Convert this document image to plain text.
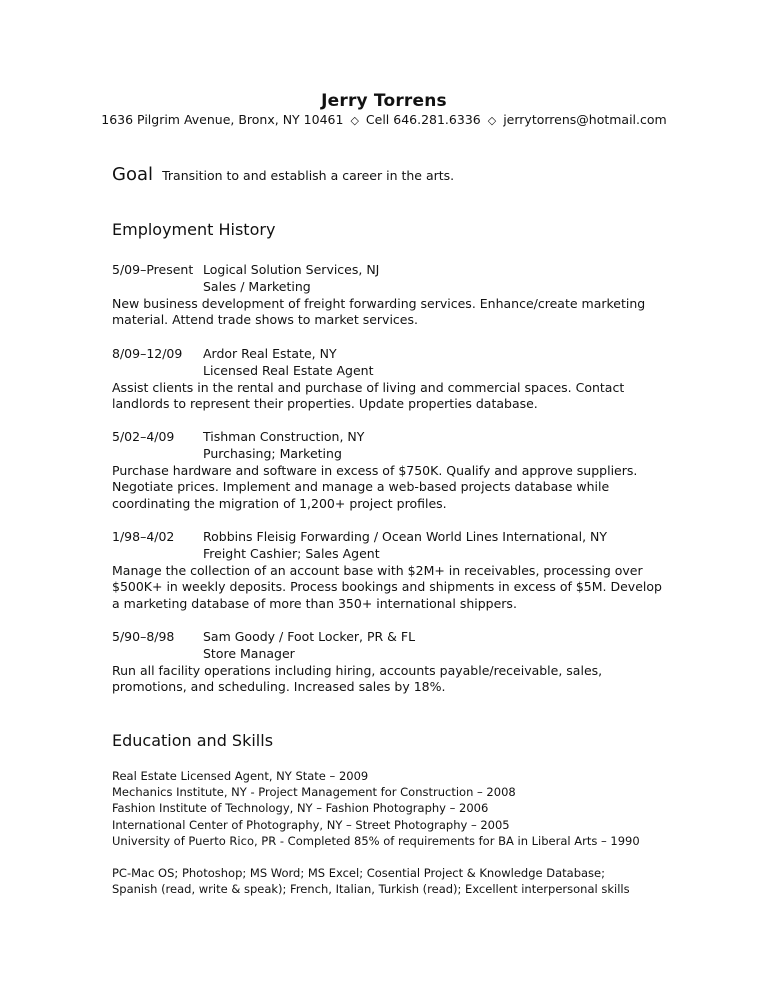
Jerry Torrens
1636 Pilgrim Avenue, Bronx, NY 10461 ◇ Cell 646.281.6336 ◇ jerrytorrens@hotmail.com
Goal Transition to and establish a career in the arts.
Employment History
5/09–Present Logical Solution Services, NJ
Sales / Marketing
New business development of freight forwarding services. Enhance/create marketing
material. Attend trade shows to market services.
8/09–12/09	Ardor Real Estate, NY
Licensed Real Estate Agent
Assist clients in the rental and purchase of living and commercial spaces. Contact
landlords to represent their properties. Update properties database.
5/02–4/09	Tishman Construction, NY
Purchasing; Marketing
Purchase hardware and software in excess of $750K. Qualify and approve suppliers.
Negotiate prices. Implement and manage a web-based projects database while
coordinating the migration of 1,200+ project profiles.
1/98–4/02	Robbins Fleisig Forwarding / Ocean World Lines International, NY
Freight Cashier; Sales Agent
Manage the collection of an account base with $2M+ in receivables, processing over
$500K+ in weekly deposits. Process bookings and shipments in excess of $5M. Develop
a marketing database of more than 350+ international shippers.
5/90–8/98	Sam Goody / Foot Locker, PR & FL
Store Manager
Run all facility operations including hiring, accounts payable/receivable, sales,
promotions, and scheduling. Increased sales by 18%.
Education and Skills
Real Estate Licensed Agent, NY State – 2009
Mechanics Institute, NY - Project Management for Construction – 2008
Fashion Institute of Technology, NY – Fashion Photography – 2006
International Center of Photography, NY – Street Photography – 2005
University of Puerto Rico, PR - Completed 85% of requirements for BA in Liberal Arts – 1990
PC-Mac OS; Photoshop; MS Word; MS Excel; Cosential Project & Knowledge Database;
Spanish (read, write & speak); French, Italian, Turkish (read); Excellent interpersonal skills
